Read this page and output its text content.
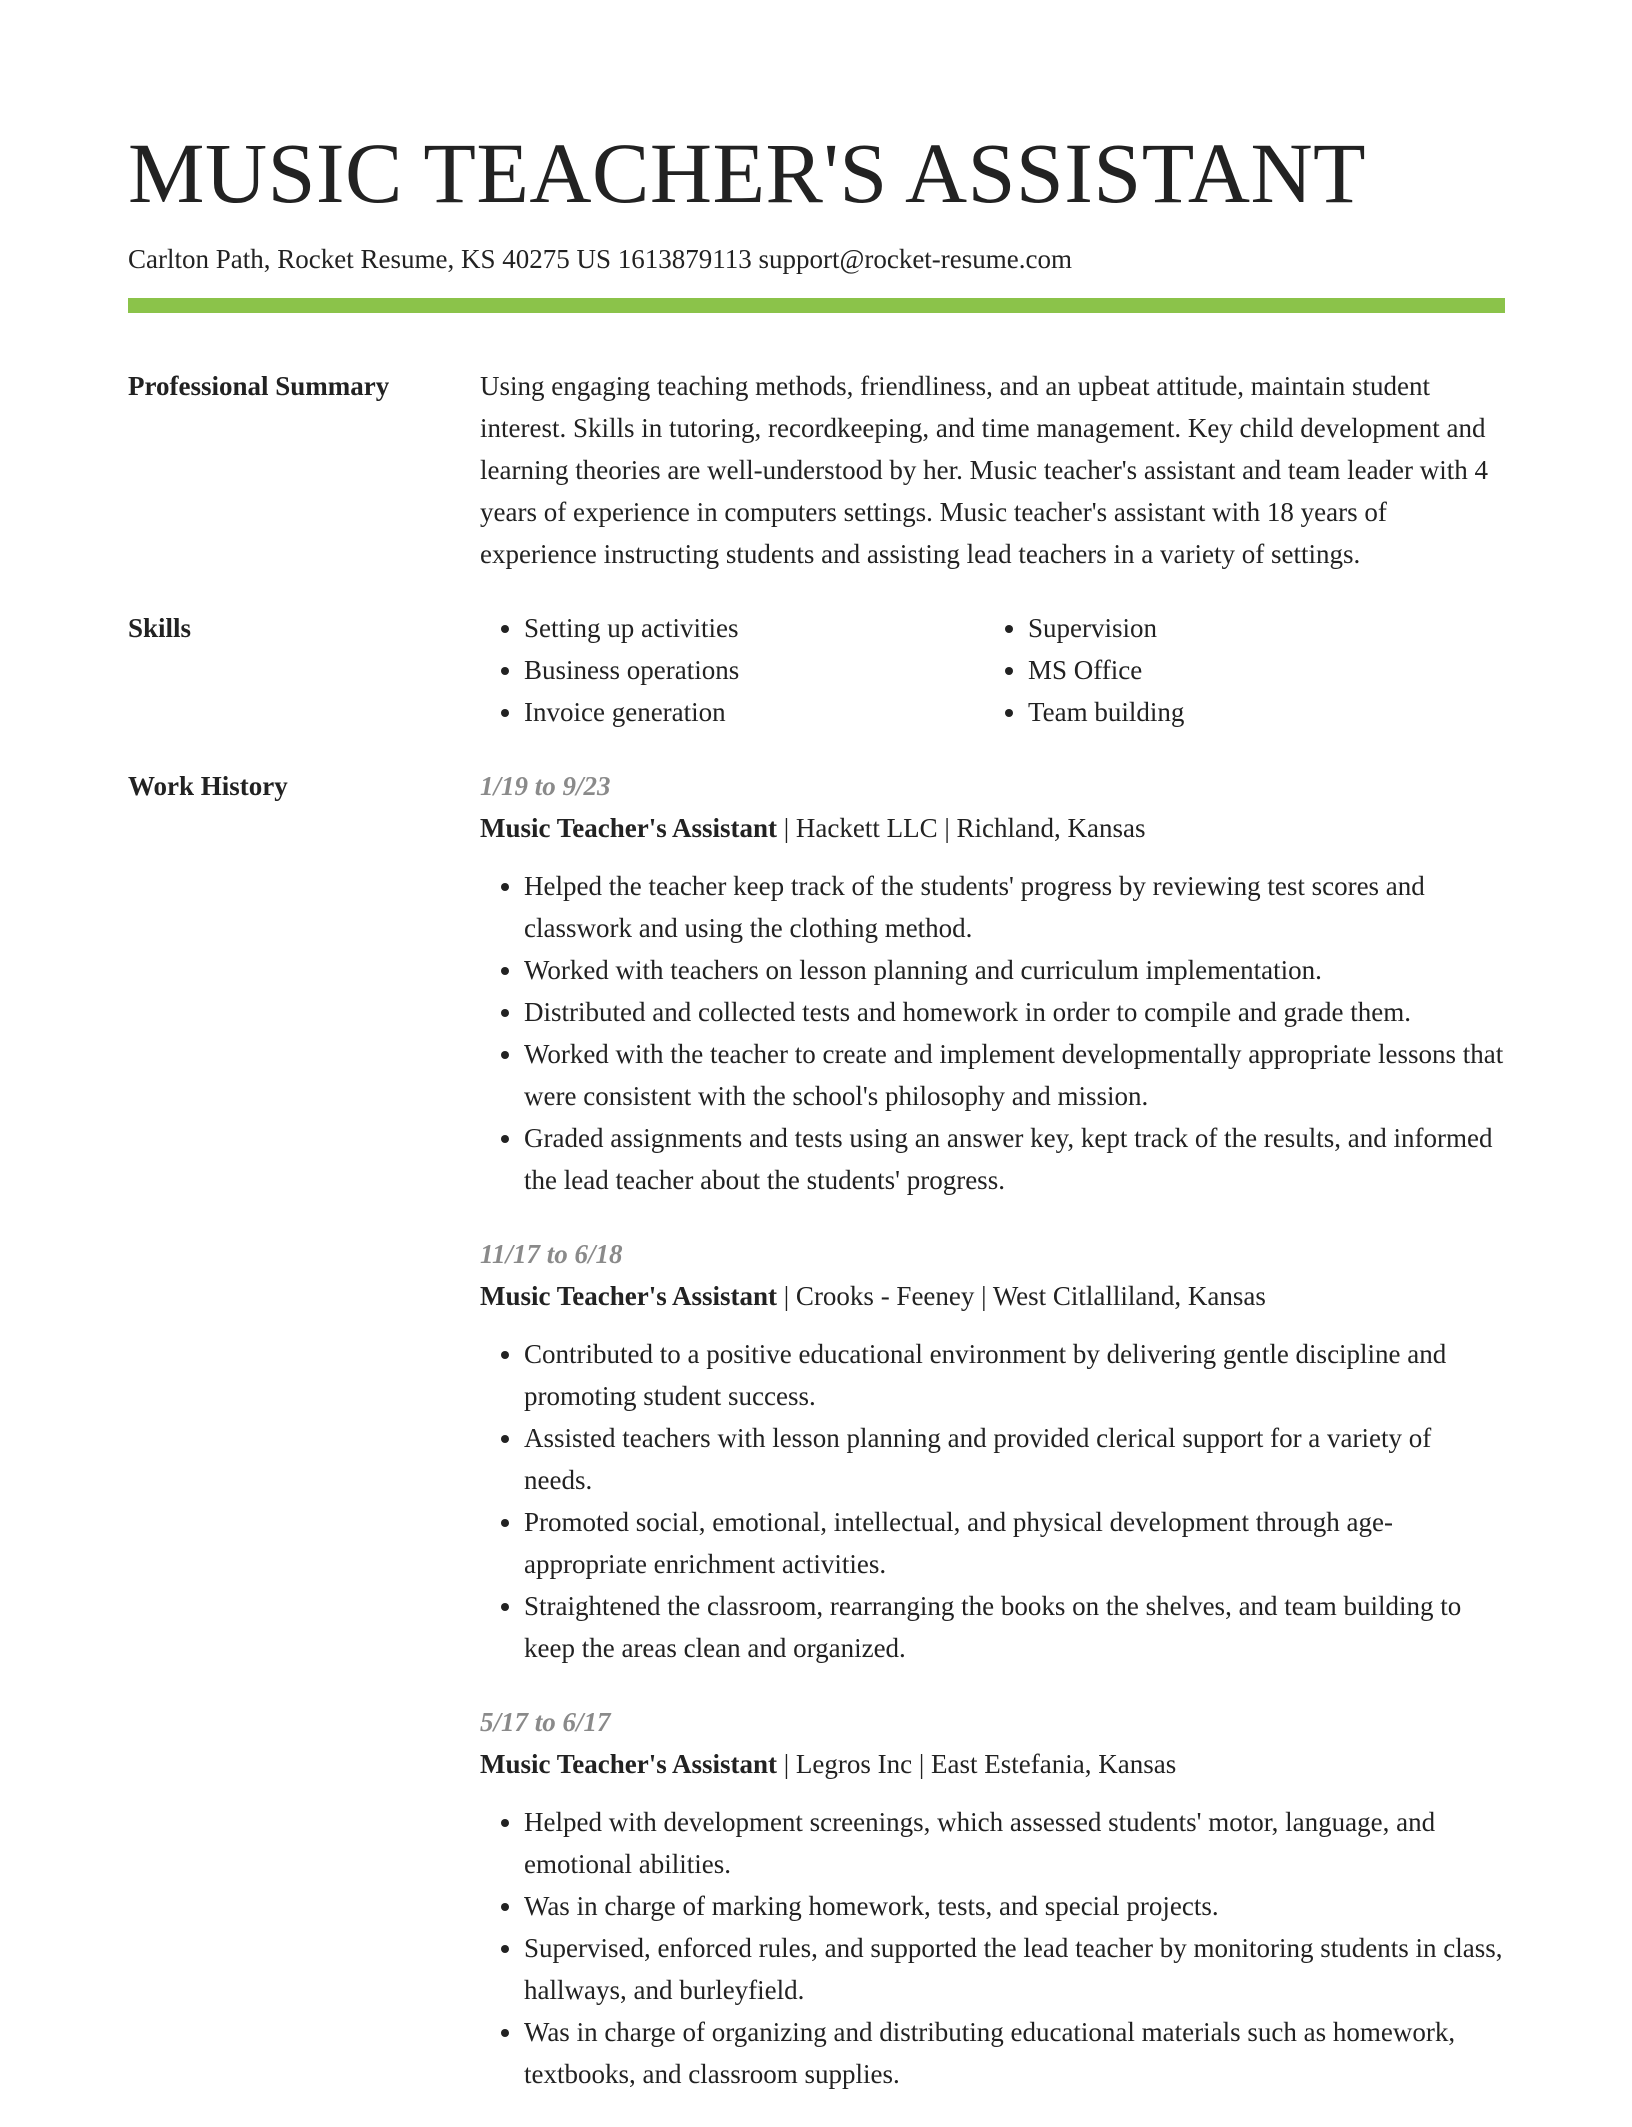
MUSIC TEACHER'S ASSISTANT
Carlton Path, Rocket Resume, KS 40275 US 1613879113 support@rocket-resume.com
Professional Summary	Using engaging teaching methods, friendliness, and an upbeat attitude, maintain student interest. Skills in tutoring, recordkeeping, and time management. Key child development and learning theories are well-understood by her. Music teacher's assistant and team leader with 4 years of experience in computers settings. Music teacher's assistant with 18 years of experience instructing students and assisting lead teachers in a variety of settings.

Skills
•	Setting up activities
• Business operations
• Invoice generation
• Supervision
• MS Office
• Team building
Work History	1/19 to 9/23
Music Teacher's Assistant | Hackett LLC | Richland, Kansas
• Helped the teacher keep track of the students' progress by reviewing test scores and classwork and using the clothing method.
• Worked with teachers on lesson planning and curriculum implementation.
• Distributed and collected tests and homework in order to compile and grade them.
• Worked with the teacher to create and implement developmentally appropriate lessons that were consistent with the school's philosophy and mission.
• Graded assignments and tests using an answer key, kept track of the results, and informed the lead teacher about the students' progress.
11/17 to 6/18
Music Teacher's Assistant | Crooks - Feeney | West Citlalliland, Kansas
• Contributed to a positive educational environment by delivering gentle discipline and promoting student success.
• Assisted teachers with lesson planning and provided clerical support for a variety of needs.
• Promoted social, emotional, intellectual, and physical development through age-appropriate enrichment activities.
• Straightened the classroom, rearranging the books on the shelves, and team building to keep the areas clean and organized.
5/17 to 6/17
Music Teacher's Assistant | Legros Inc | East Estefania, Kansas
• Helped with development screenings, which assessed students' motor, language, and emotional abilities.
• Was in charge of marking homework, tests, and special projects.
• Supervised, enforced rules, and supported the lead teacher by monitoring students in class, hallways, and burleyfield.
• Was in charge of organizing and distributing educational materials such as homework, textbooks, and classroom supplies.
